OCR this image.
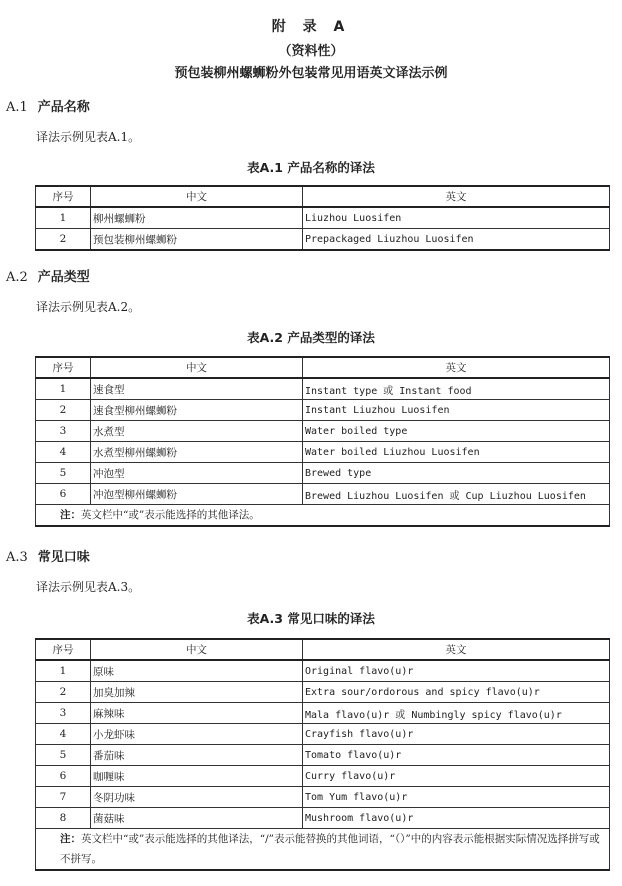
附 录 A
（资料性）
预包装柳州螺蛳粉外包装常见用语英文译法示例
A.1 产品名称
译法示例见表A.1。
表A.1 产品名称的译法
序号	中文	英文
1	柳州螺蛳粉	Liuzhou Luosifen
2	预包装柳州螺蛳粉	Prepackaged Liuzhou Luosifen
A.2 产品类型
译法示例见表A.2。
表A.2 产品类型的译法
序号	中文	英文
1	速食型	Instant type 或 Instant food
2	速食型柳州螺蛳粉	Instant Liuzhou Luosifen
3	水煮型	Water boiled type
4	水煮型柳州螺蛳粉	Water boiled Liuzhou Luosifen
5	冲泡型	Brewed type
6	冲泡型柳州螺蛳粉	Brewed Liuzhou Luosifen 或 Cup Liuzhou Luosifen
注：英文栏中“或”表示能选择的其他译法。		
A.3 常见口味
译法示例见表A.3。
表A.3 常见口味的译法
序号	中文	英文
1	原味	Original flavo(u)r
2	加臭加辣	Extra sour/ordorous and spicy flavo(u)r
3	麻辣味	Mala flavo(u)r 或 Numbingly spicy flavo(u)r
4	小龙虾味	Crayfish flavo(u)r
5	番茄味	Tomato flavo(u)r
6	咖喱味	Curry flavo(u)r
7	冬阴功味	Tom Yum flavo(u)r
8	菌菇味	Mushroom flavo(u)r
注：英文栏中“或”表示能选择的其他译法，“/”表示能替换的其他词语，“（）”中的内容表示能根据实际情况选择拼写或不拼写。		
